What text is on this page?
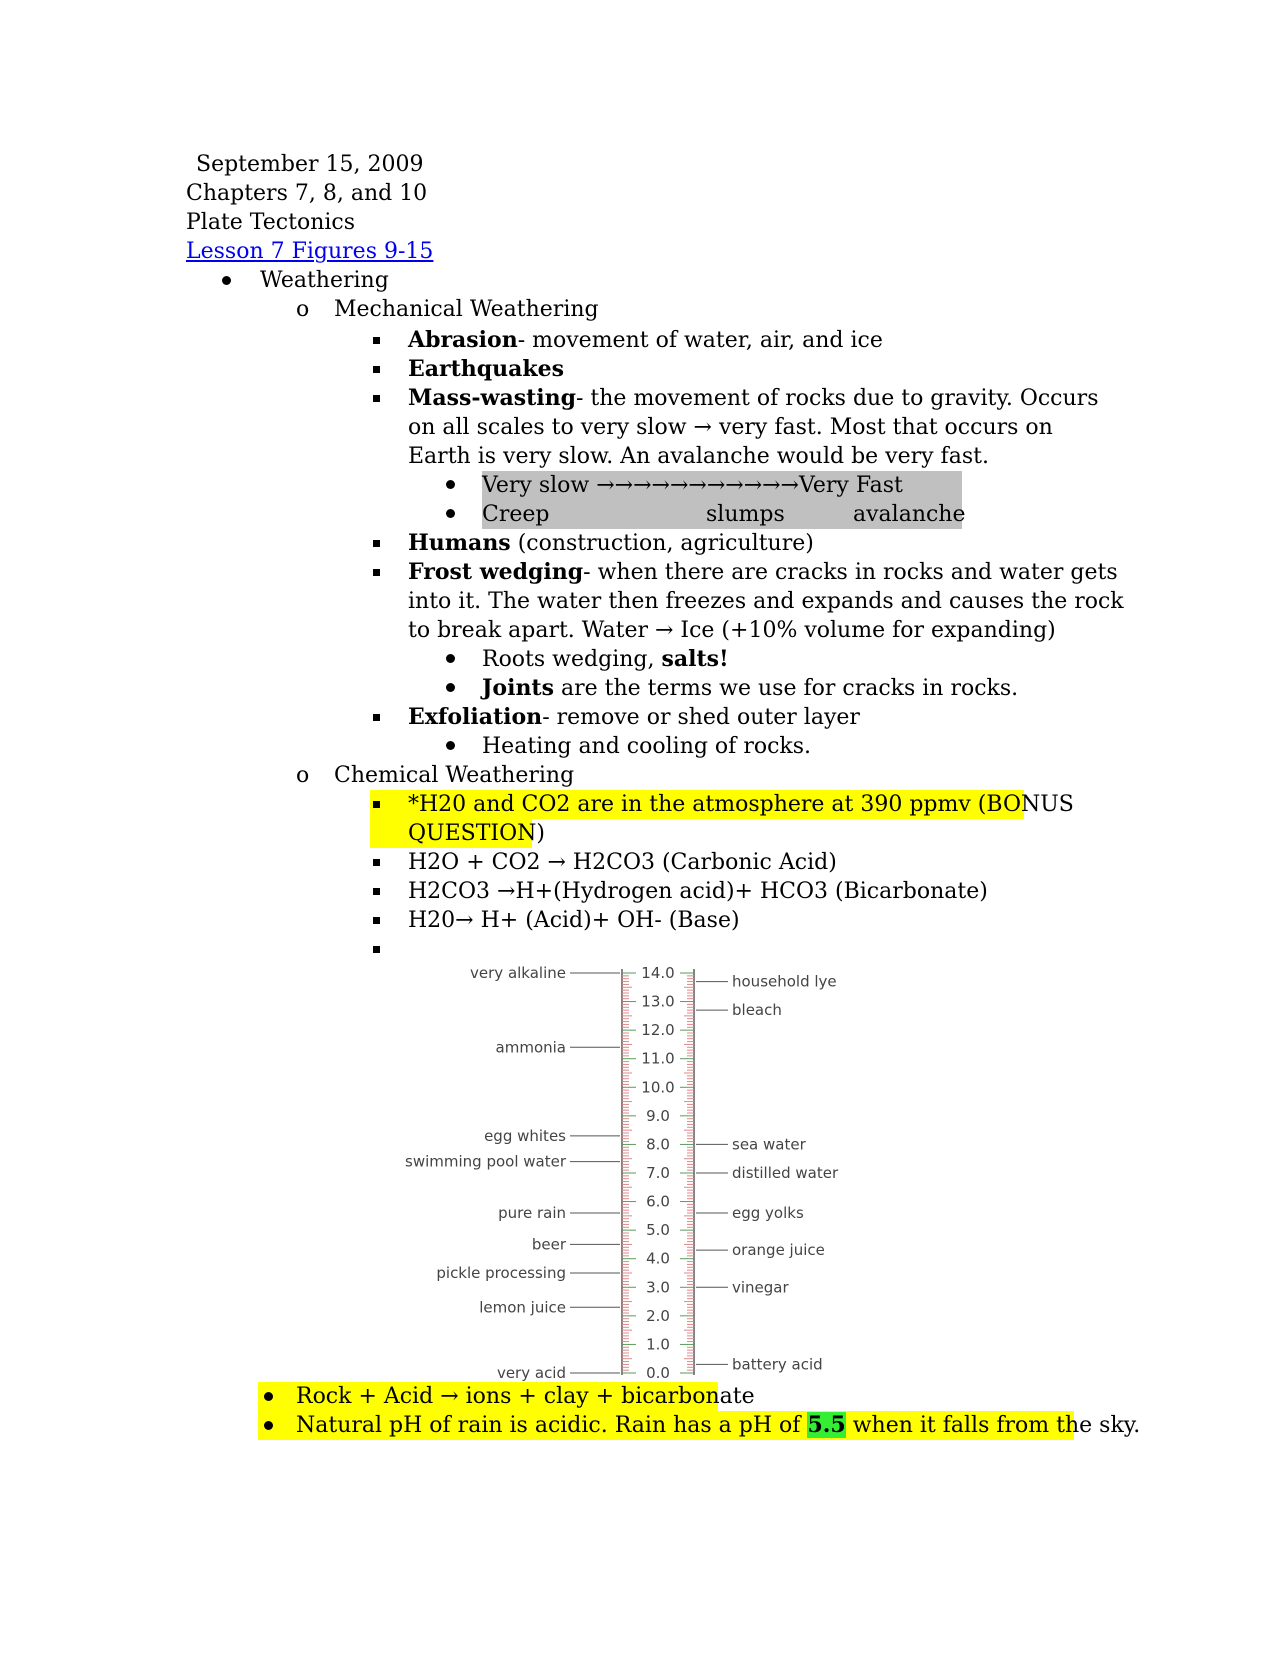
September 15, 2009
Chapters 7, 8, and 10
Plate Tectonics
Lesson 7 Figures 9-15
Weathering
o Mechanical Weathering
Abrasion- movement of water, air, and ice
Earthquakes
Mass-wasting- the movement of rocks due to gravity. Occurs
on all scales to very slow → very fast. Most that occurs on
Earth is very slow. An avalanche would be very fast.
Very slow →→→→→→→→→→→Very Fast
Creep	slumps	avalanche
Humans (construction, agriculture)
Frost wedging- when there are cracks in rocks and water gets
into it. The water then freezes and expands and causes the rock
to break apart. Water → Ice (+10% volume for expanding)
Roots wedging, salts!
Joints are the terms we use for cracks in rocks.
Exfoliation- remove or shed outer layer
Heating and cooling of rocks.
o Chemical Weathering
*H20 and CO2 are in the atmosphere at 390 ppmv (BONUS
QUESTION)
H2O + CO2 → H2CO3 (Carbonic Acid)
H2CO3 →H+(Hydrogen acid)+ HCO3 (Bicarbonate)
H20→ H+ (Acid)+ OH- (Base)
14.0
13.0
12.0
11.0
10.0
9.0
8.0
7.0
6.0
5.0
4.0
3.0
2.0
1.0
0.0
very alkaline
ammonia
egg whites
swimming pool water
pure rain
beer
pickle processing
lemon juice
very acid
household lye
bleach
sea water
distilled water
egg yolks
orange juice
vinegar
battery acid
Rock + Acid → ions + clay + bicarbonate
Natural pH of rain is acidic. Rain has a pH of 5.5 when it falls from the sky.
